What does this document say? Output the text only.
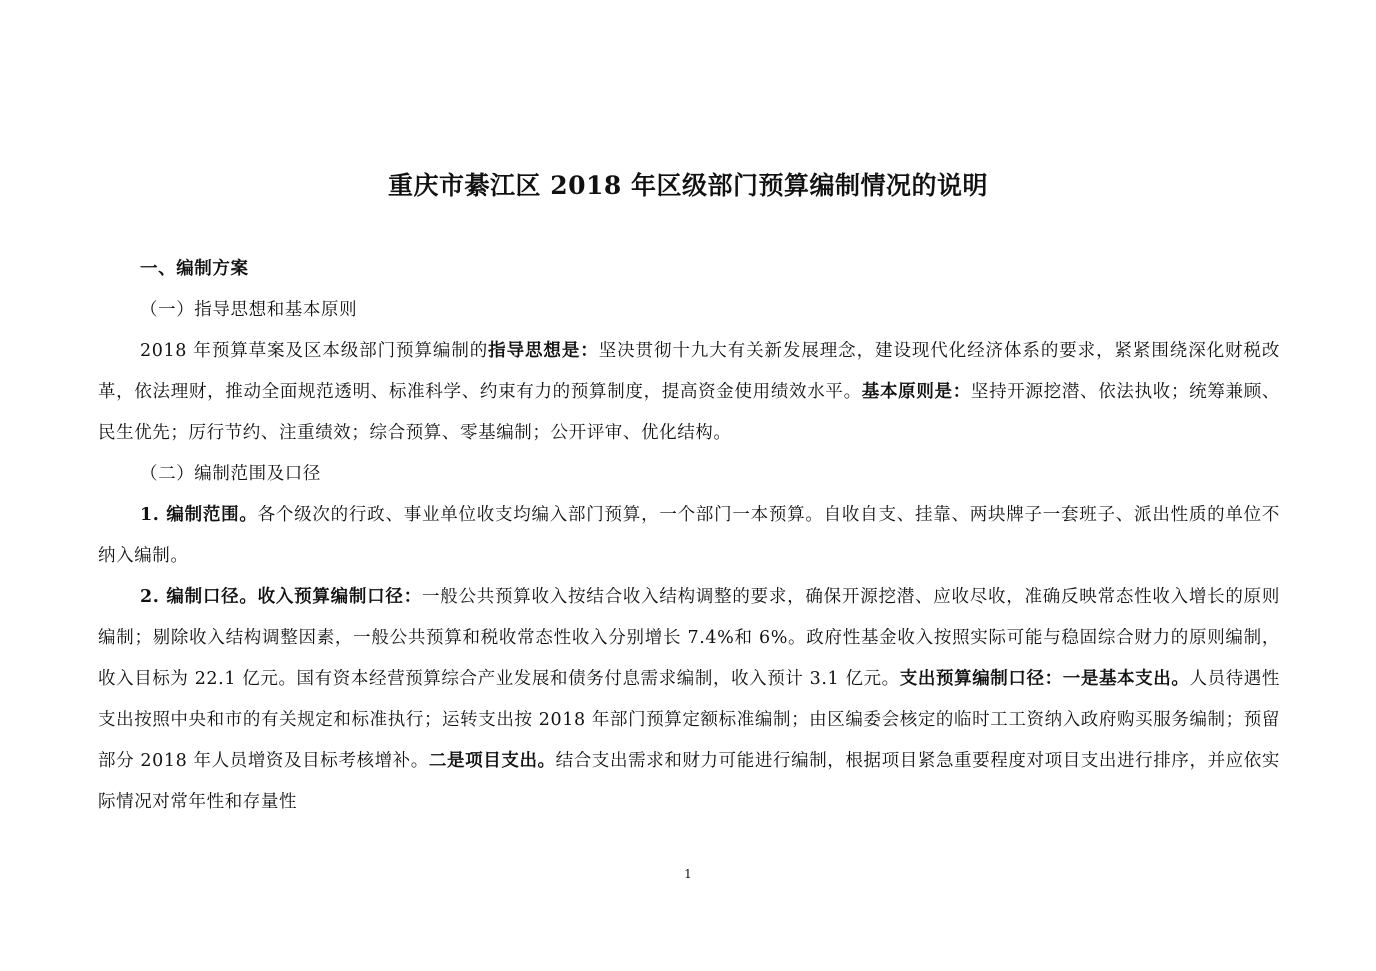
重庆市綦江区 2018 年区级部门预算编制情况的说明

一、编制方案

（一）指导思想和基本原则

2018 年预算草案及区本级部门预算编制的指导思想是：坚决贯彻十九大有关新发展理念，建设现代化经济体系的要求，紧紧围绕深化财税改革，依法理财，推动全面规范透明、标准科学、约束有力的预算制度，提高资金使用绩效水平。基本原则是：坚持开源挖潜、依法执收；统筹兼顾、民生优先；厉行节约、注重绩效；综合预算、零基编制；公开评审、优化结构。

（二）编制范围及口径

1. 编制范围。各个级次的行政、事业单位收支均编入部门预算，一个部门一本预算。自收自支、挂靠、两块牌子一套班子、派出性质的单位不纳入编制。

2. 编制口径。收入预算编制口径：一般公共预算收入按结合收入结构调整的要求，确保开源挖潜、应收尽收，准确反映常态性收入增长的原则编制；剔除收入结构调整因素，一般公共预算和税收常态性收入分别增长 7.4%和 6%。政府性基金收入按照实际可能与稳固综合财力的原则编制，收入目标为 22.1 亿元。国有资本经营预算综合产业发展和债务付息需求编制，收入预计 3.1 亿元。支出预算编制口径：一是基本支出。人员待遇性支出按照中央和市的有关规定和标准执行；运转支出按 2018 年部门预算定额标准编制；由区编委会核定的临时工工资纳入政府购买服务编制；预留部分 2018 年人员增资及目标考核增补。二是项目支出。结合支出需求和财力可能进行编制，根据项目紧急重要程度对项目支出进行排序，并应依实际情况对常年性和存量性

1
